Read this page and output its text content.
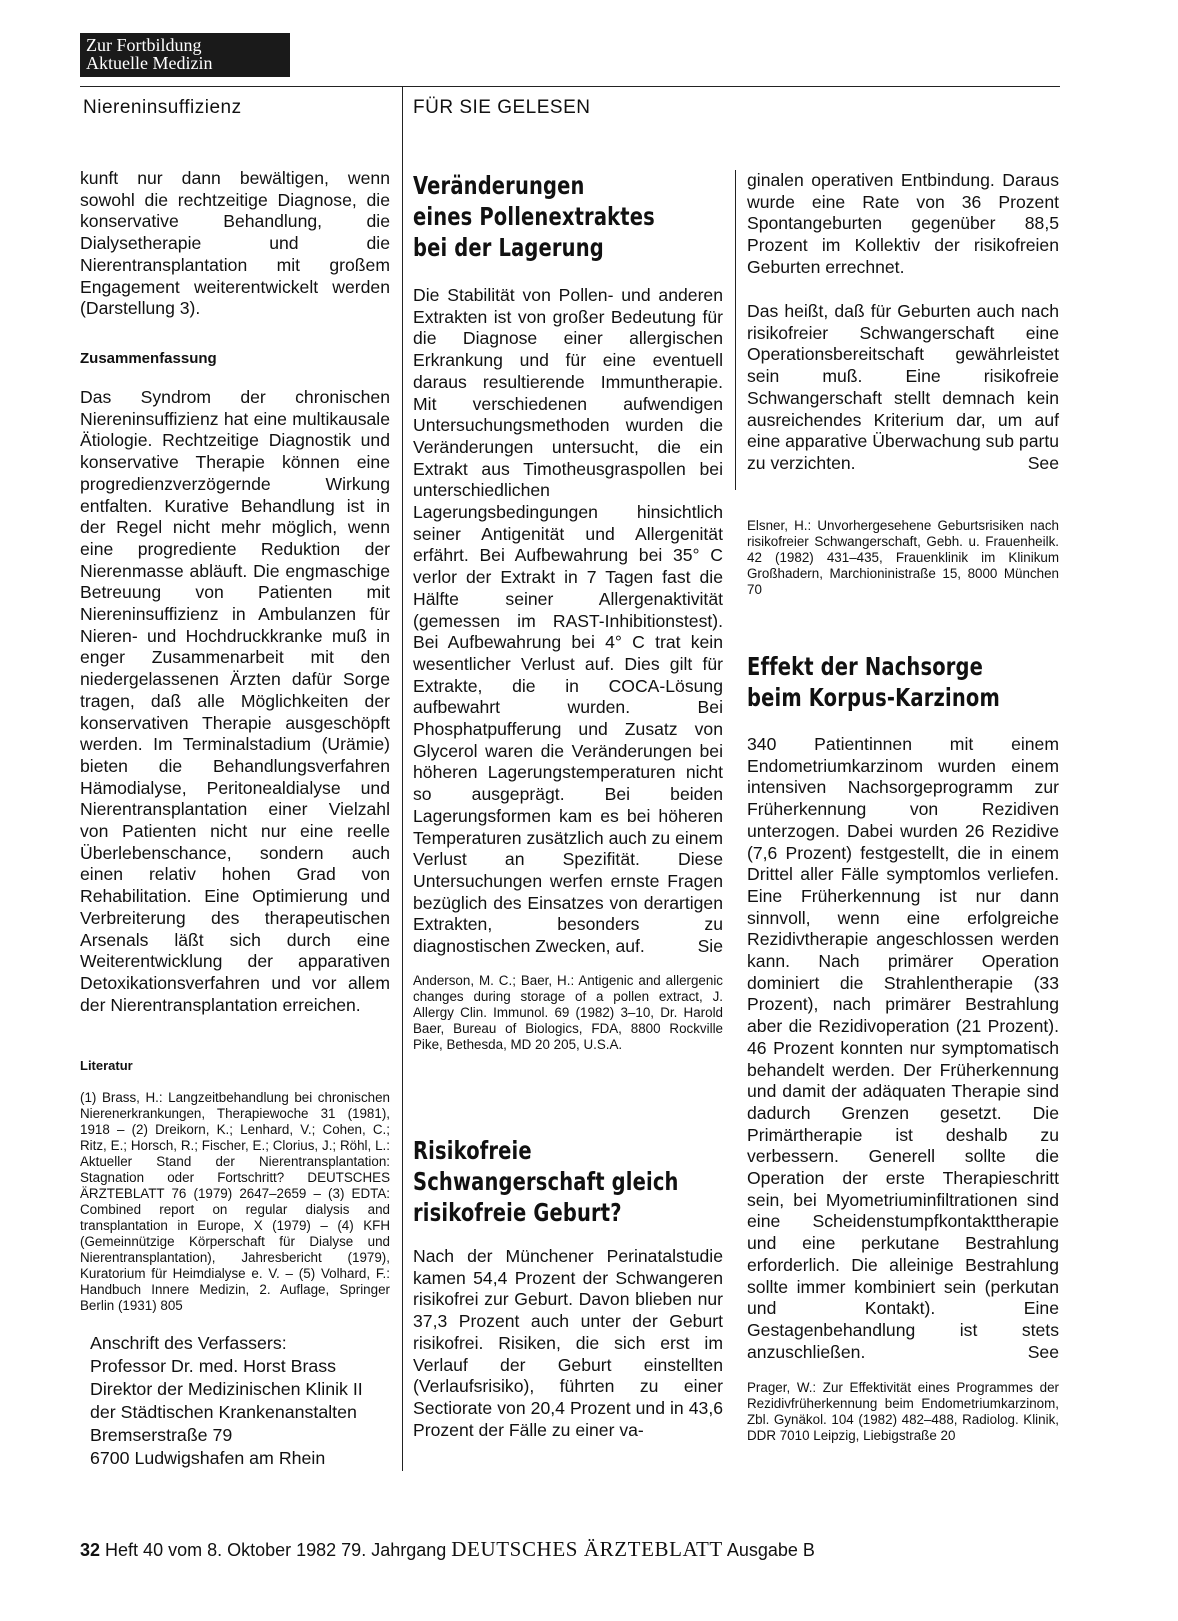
Zur Fortbildung
Aktuelle Medizin
Niereninsuffizienz	FÜR SIE GELESEN
kunft nur dann bewältigen, wenn sowohl die rechtzeitige Diagnose, die konservative Behandlung, die Dialysetherapie und die Nierentransplantation mit großem Engagement weiterentwickelt werden (Darstellung 3).
Zusammenfassung
Das Syndrom der chronischen Niereninsuffizienz hat eine multikausale Ätiologie. Rechtzeitige Diagnostik und konservative Therapie können eine progredienzverzögernde Wirkung entfalten. Kurative Behandlung ist in der Regel nicht mehr möglich, wenn eine progrediente Reduktion der Nierenmasse abläuft. Die engmaschige Betreuung von Patienten mit Niereninsuffizienz in Ambulanzen für Nieren- und Hochdruckkranke muß in enger Zusammenarbeit mit den niedergelassenen Ärzten dafür Sorge tragen, daß alle Möglichkeiten der konservativen Therapie ausgeschöpft werden. Im Terminalstadium (Urämie) bieten die Behandlungsverfahren Hämodialyse, Peritonealdialyse und Nierentransplantation einer Vielzahl von Patienten nicht nur eine reelle Überlebenschance, sondern auch einen relativ hohen Grad von Rehabilitation. Eine Optimierung und Verbreiterung des therapeutischen Arsenals läßt sich durch eine Weiterentwicklung der apparativen Detoxikationsverfahren und vor allem der Nierentransplantation erreichen.
Literatur
(1) Brass, H.: Langzeitbehandlung bei chronischen Nierenerkrankungen, Therapiewoche 31 (1981), 1918 – (2) Dreikorn, K.; Lenhard, V.; Cohen, C.; Ritz, E.; Horsch, R.; Fischer, E.; Clorius, J.; Röhl, L.: Aktueller Stand der Nierentransplantation: Stagnation oder Fortschritt? DEUTSCHES ÄRZTEBLATT 76 (1979) 2647–2659 – (3) EDTA: Combined report on regular dialysis and transplantation in Europe, X (1979) – (4) KFH (Gemeinnützige Körperschaft für Dialyse und Nierentransplantation), Jahresbericht (1979), Kuratorium für Heimdialyse e. V. – (5) Volhard, F.: Handbuch Innere Medizin, 2. Auflage, Springer Berlin (1931) 805
Anschrift des Verfassers:
Professor Dr. med. Horst Brass
Direktor der Medizinischen Klinik II
der Städtischen Krankenanstalten
Bremserstraße 79
6700 Ludwigshafen am Rhein
Veränderungen
eines Pollenextraktes
bei der Lagerung
Die Stabilität von Pollen- und anderen Extrakten ist von großer Bedeutung für die Diagnose einer allergischen Erkrankung und für eine eventuell daraus resultierende Immuntherapie. Mit verschiedenen aufwendigen Untersuchungsmethoden wurden die Veränderungen untersucht, die ein Extrakt aus Timotheusgraspollen bei unterschiedlichen Lagerungsbedingungen hinsichtlich seiner Antigenität und Allergenität erfährt. Bei Aufbewahrung bei 35° C verlor der Extrakt in 7 Tagen fast die Hälfte seiner Allergenaktivität (gemessen im RAST-Inhibitionstest). Bei Aufbewahrung bei 4° C trat kein wesentlicher Verlust auf. Dies gilt für Extrakte, die in COCA-Lösung aufbewahrt wurden. Bei Phosphatpufferung und Zusatz von Glycerol waren die Veränderungen bei höheren Lagerungstemperaturen nicht so ausgeprägt. Bei beiden Lagerungsformen kam es bei höheren Temperaturen zusätzlich auch zu einem Verlust an Spezifität. Diese Untersuchungen werfen ernste Fragen bezüglich des Einsatzes von derartigen Extrakten, besonders zu diagnostischen Zwecken, auf.	Sie
Anderson, M. C.; Baer, H.: Antigenic and allergenic changes during storage of a pollen extract, J. Allergy Clin. Immunol. 69 (1982) 3–10, Dr. Harold Baer, Bureau of Biologics, FDA, 8800 Rockville Pike, Bethesda, MD 20 205, U.S.A.
Risikofreie
Schwangerschaft gleich
risikofreie Geburt?
Nach der Münchener Perinatalstudie kamen 54,4 Prozent der Schwangeren risikofrei zur Geburt. Davon blieben nur 37,3 Prozent auch unter der Geburt risikofrei. Risiken, die sich erst im Verlauf der Geburt einstellten (Verlaufsrisiko), führten zu einer Sectiorate von 20,4 Prozent und in 43,6 Prozent der Fälle zu einer va-
ginalen operativen Entbindung. Daraus wurde eine Rate von 36 Prozent Spontangeburten gegenüber 88,5 Prozent im Kollektiv der risikofreien Geburten errechnet.
Das heißt, daß für Geburten auch nach risikofreier Schwangerschaft eine Operationsbereitschaft gewährleistet sein muß. Eine risikofreie Schwangerschaft stellt demnach kein ausreichendes Kriterium dar, um auf eine apparative Überwachung sub partu zu verzichten.	See
Elsner, H.: Unvorhergesehene Geburtsrisiken nach risikofreier Schwangerschaft, Gebh. u. Frauenheilk. 42 (1982) 431–435, Frauenklinik im Klinikum Großhadern, Marchioninistraße 15, 8000 München 70
Effekt der Nachsorge
beim Korpus-Karzinom
340 Patientinnen mit einem Endometriumkarzinom wurden einem intensiven Nachsorgeprogramm zur Früherkennung von Rezidiven unterzogen. Dabei wurden 26 Rezidive (7,6 Prozent) festgestellt, die in einem Drittel aller Fälle symptomlos verliefen. Eine Früherkennung ist nur dann sinnvoll, wenn eine erfolgreiche Rezidivtherapie angeschlossen werden kann. Nach primärer Operation dominiert die Strahlentherapie (33 Prozent), nach primärer Bestrahlung aber die Rezidivoperation (21 Prozent). 46 Prozent konnten nur symptomatisch behandelt werden. Der Früherkennung und damit der adäquaten Therapie sind dadurch Grenzen gesetzt. Die Primärtherapie ist deshalb zu verbessern. Generell sollte die Operation der erste Therapieschritt sein, bei Myometriuminfiltrationen sind eine Scheidenstumpfkontakttherapie und eine perkutane Bestrahlung erforderlich. Die alleinige Bestrahlung sollte immer kombiniert sein (perkutan und Kontakt). Eine Gestagenbehandlung ist stets anzuschließen.	See
Prager, W.: Zur Effektivität eines Programmes der Rezidivfrüherkennung beim Endometriumkarzinom, Zbl. Gynäkol. 104 (1982) 482–488, Radiolog. Klinik, DDR 7010 Leipzig, Liebigstraße 20
32 Heft 40 vom 8. Oktober 1982 79. Jahrgang DEUTSCHES ÄRZTEBLATT Ausgabe B
